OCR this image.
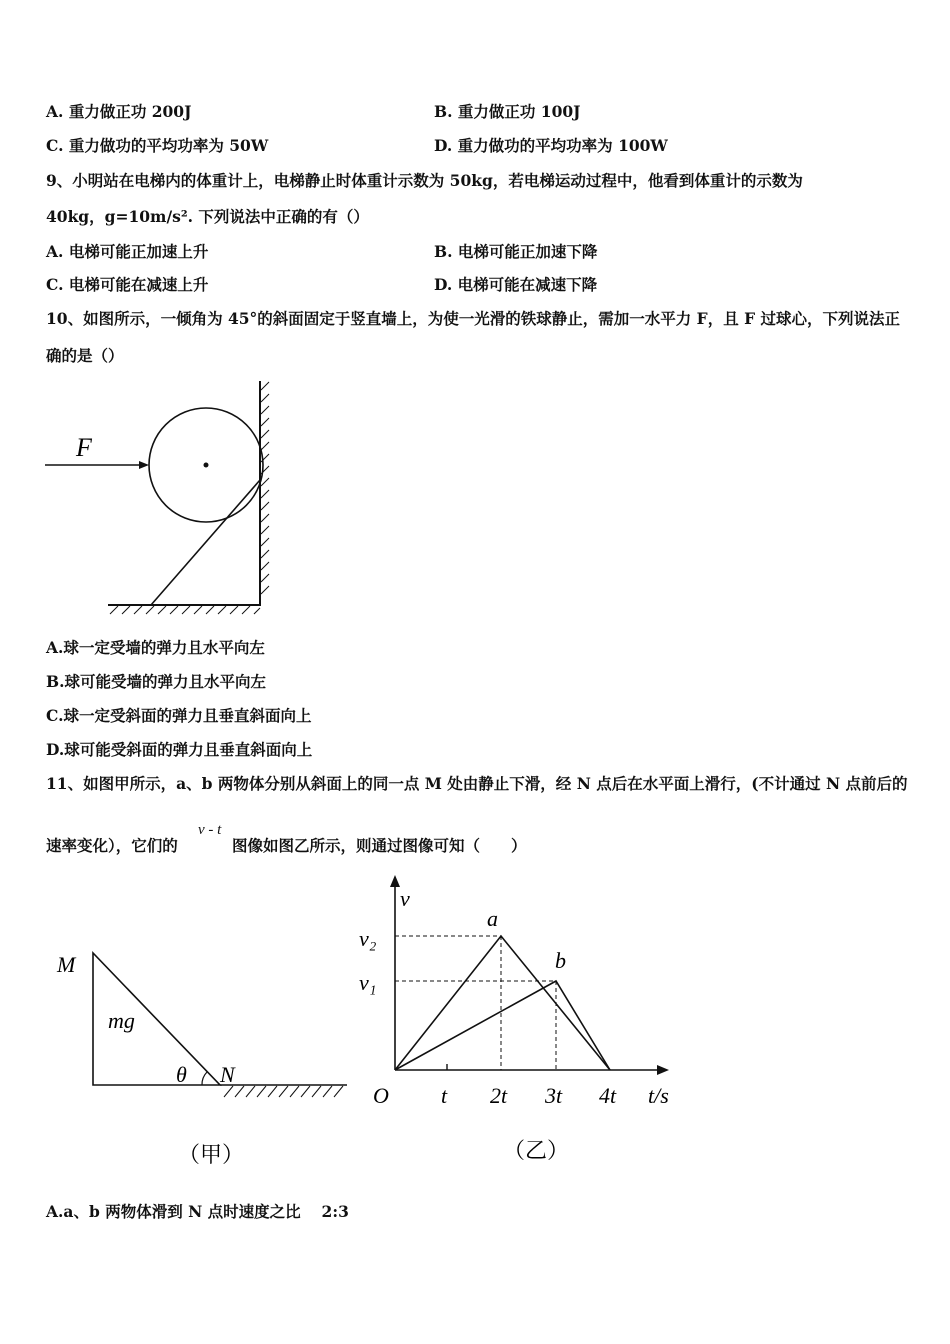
A. 重力做正功 200J	B. 重力做正功 100J
C. 重力做功的平均功率为 50W	D. 重力做功的平均功率为 100W
9、小明站在电梯内的体重计上，电梯静止时体重计示数为 50kg，若电梯运动过程中，他看到体重计的示数为
40kg，g=10m/s². 下列说法中正确的有（）
A. 电梯可能正加速上升	B. 电梯可能正加速下降
C. 电梯可能在减速上升	D. 电梯可能在减速下降
10、如图所示，一倾角为 45°的斜面固定于竖直墙上，为使一光滑的铁球静止，需加一水平力 F，且 F 过球心，下列说法正
确的是（）
F
A.球一定受墙的弹力且水平向左
B.球可能受墙的弹力且水平向左
C.球一定受斜面的弹力且垂直斜面向上
D.球可能受斜面的弹力且垂直斜面向上
11、如图甲所示，a、b 两物体分别从斜面上的同一点 M 处由静止下滑，经 N 点后在水平面上滑行，(不计通过 N 点前后的
速率变化），它们的
v - t
图像如图乙所示，则通过图像可知（　　）
M
N
mg
θ
（甲）
v
t/s
O
v₂
v₁
a
b
t 2t 3t 4t
（乙）
A.a、b 两物体滑到 N 点时速度之比　 2:3
